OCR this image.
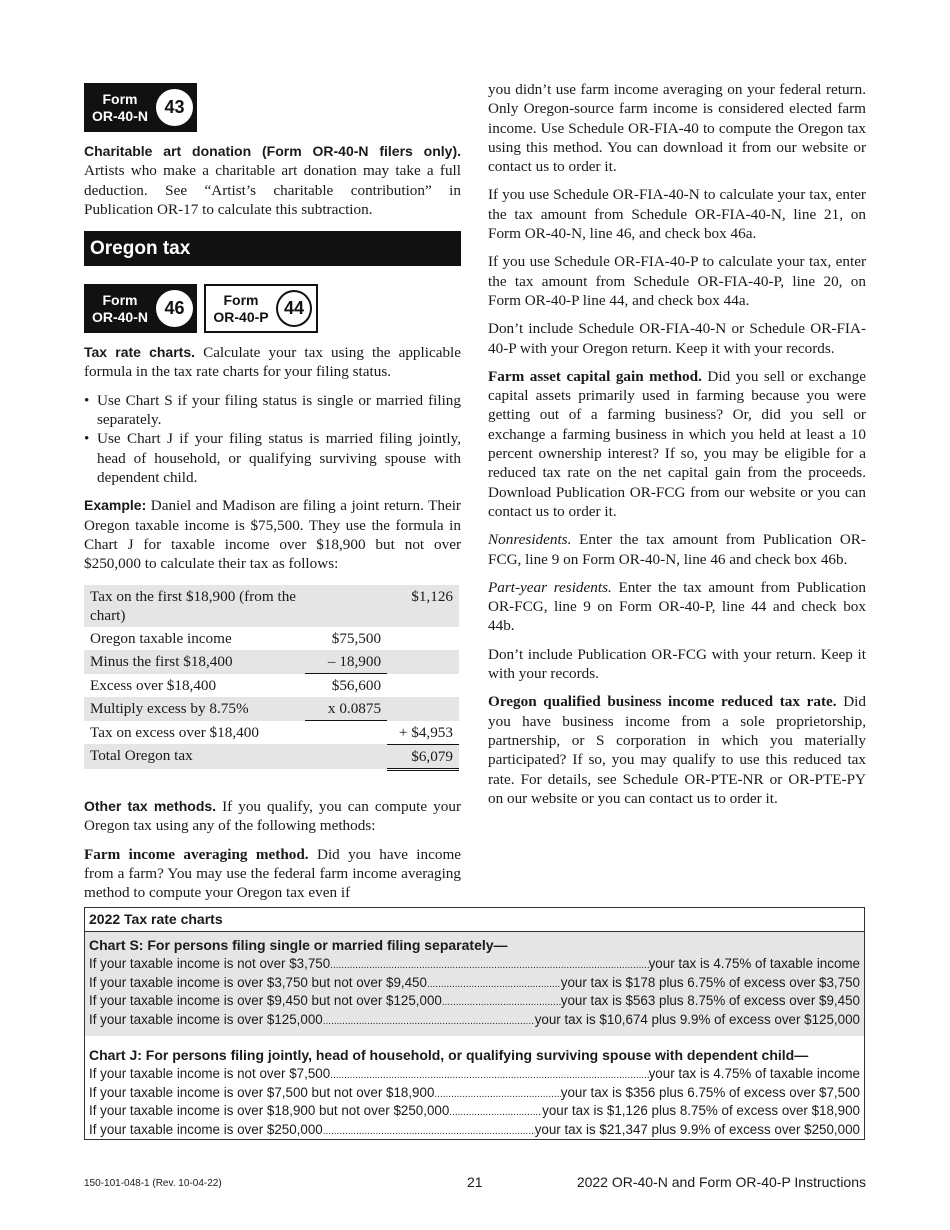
Form
OR-40-N 43

Charitable art donation (Form OR-40-N filers only). Artists who make a charitable art donation may take a full deduction. See “Artist’s charitable contribution” in Publication OR-17 to calculate this subtraction.

Oregon tax
Form
OR-40-N 46	Form
OR-40-P 44

Tax rate charts. Calculate your tax using the applicable formula in the tax rate charts for your filing status.

• Use Chart S if your filing status is single or married filing separately.
• Use Chart J if your filing status is married filing jointly, head of household, or qualifying surviving spouse with dependent child.

Example: Daniel and Madison are filing a joint return. Their Oregon taxable income is $75,500. They use the formula in Chart J for taxable income over $18,900 but not over $250,000 to calculate their tax as follows:

Tax on the first $18,900 (from the chart)		$1,126
Oregon taxable income	$75,500	
Minus the first $18,400	– 18,900	
Excess over $18,400	$56,600	
Multiply excess by 8.75%	x 0.0875	
Tax on excess over $18,400		+ $4,953
Total Oregon tax		$6,079

Other tax methods. If you qualify, you can compute your Oregon tax using any of the following methods:

Farm income averaging method. Did you have income from a farm? You may use the federal farm income averaging method to compute your Oregon tax even if

you didn’t use farm income averaging on your federal return. Only Oregon-source farm income is considered elected farm income. Use Schedule OR-FIA-40 to compute the Oregon tax using this method. You can download it from our website or contact us to order it.

If you use Schedule OR-FIA-40-N to calculate your tax, enter the tax amount from Schedule OR-FIA-40-N, line 21, on Form OR-40-N, line 46, and check box 46a.

If you use Schedule OR-FIA-40-P to calculate your tax, enter the tax amount from Schedule OR-FIA-40-P, line 20, on Form OR-40-P line 44, and check box 44a.

Don’t include Schedule OR-FIA-40-N or Schedule OR-FIA-40-P with your Oregon return. Keep it with your records.

Farm asset capital gain method. Did you sell or exchange capital assets primarily used in farming because you were getting out of a farming business? Or, did you sell or exchange a farming business in which you held at least a 10 percent ownership interest? If so, you may be eligible for a reduced tax rate on the net capital gain from the proceeds. Download Publication OR-FCG from our website or you can contact us to order it.

Nonresidents. Enter the tax amount from Publication OR-FCG, line 9 on Form OR-40-N, line 46 and check box 46b.

Part-year residents. Enter the tax amount from Publication OR-FCG, line 9 on Form OR-40-P, line 44 and check box 44b.

Don’t include Publication OR-FCG with your return. Keep it with your records.

Oregon qualified business income reduced tax rate. Did you have business income from a sole proprietorship, partnership, or S corporation in which you materially participated? If so, you may qualify to use this reduced tax rate. For details, see Schedule OR-PTE-NR or OR-PTE-PY on our website or you can contact us to order it.

2022 Tax rate charts
Chart S: For persons filing single or married filing separately—
If your taxable income is not over $3,750 .....	your tax is 4.75% of taxable income
If your taxable income is over $3,750 but not over $9,450 .....	your tax is $178 plus 6.75% of excess over $3,750
If your taxable income is over $9,450 but not over $125,000 .....	your tax is $563 plus 8.75% of excess over $9,450
If your taxable income is over $125,000 .....	your tax is $10,674 plus 9.9% of excess over $125,000
Chart J: For persons filing jointly, head of household, or qualifying surviving spouse with dependent child—
If your taxable income is not over $7,500 .....	your tax is 4.75% of taxable income
If your taxable income is over $7,500 but not over $18,900 .....	your tax is $356 plus 6.75% of excess over $7,500
If your taxable income is over $18,900 but not over $250,000 .....	your tax is $1,126 plus 8.75% of excess over $18,900
If your taxable income is over $250,000 .....	your tax is $21,347 plus 9.9% of excess over $250,000
150-101-048-1 (Rev. 10-04-22)	21	2022 OR-40-N and Form OR-40-P Instructions
